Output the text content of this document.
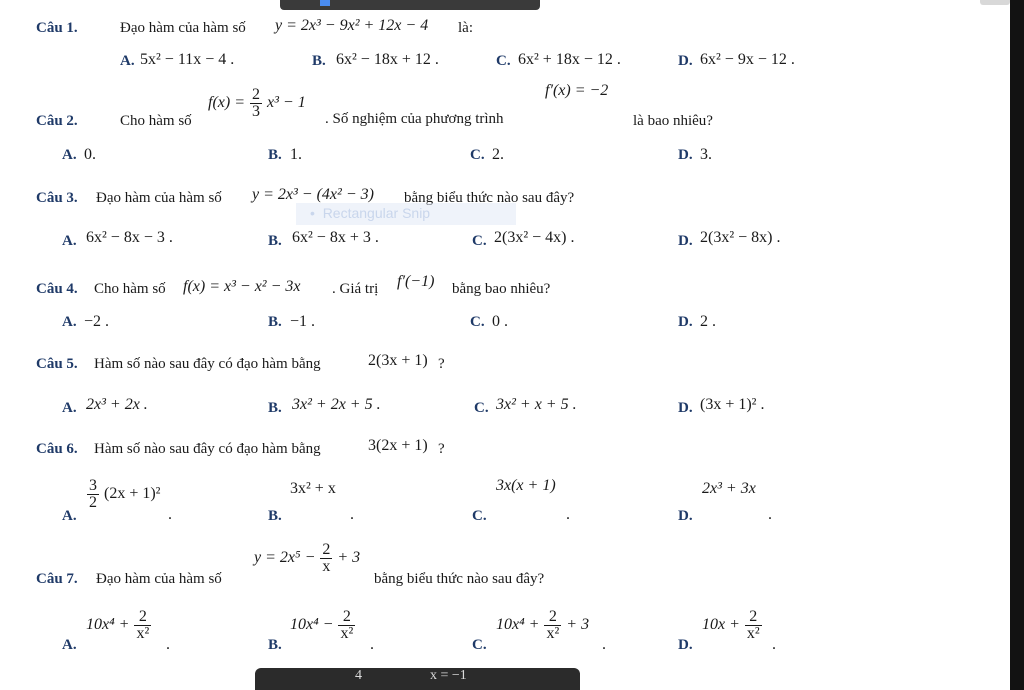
Câu 1.	Đạo hàm của hàm số y = 2x³ − 9x² + 12x − 4 là:
A. 5x² − 11x − 4 .	B. 6x² − 18x + 12 .	C. 6x² + 18x − 12 .	D. 6x² − 9x − 12 .
Câu 2.	Cho hàm số
$f(x) = \frac{2}{3} x^3 - 1$
. Số nghiệm của phương trình
f′(x) = −2
là bao nhiêu?
A. 0.	B. 1.	C. 2.	D. 3.
Câu 3. Đạo hàm của hàm số y = 2x³ − (4x² − 3) bằng biểu thức nào sau đây?
•  Rectangular Snip
A. 6x² − 8x − 3 .	B. 6x² − 8x + 3 .	C. 2(3x² − 4x) .	D. 2(3x² − 8x) .
Câu 4. Cho hàm số f(x) = x³ − x² − 3x . Giá trị f′(−1) bằng bao nhiêu?
A. −2 .	B. −1 .	C. 0 .	D. 2 .
Câu 5. Hàm số nào sau đây có đạo hàm bằng	2(3x + 1) ?
A. 2x³ + 2x .	B. 3x² + 2x + 5 .	C. 3x² + x + 5 .	D. (3x + 1)² .
Câu 6. Hàm số nào sau đây có đạo hàm bằng	3(2x + 1) ?
A.
$\frac{3}{2} (2x + 1)^2$
.	B.
3x² + x
.	C.
3x(x + 1)
.	D.
2x³ + 3x
.
Câu 7. Đạo hàm của hàm số
$y = 2x^5 - \frac{2}{x} + 3$
bằng biểu thức nào sau đây?
A.
$10x^4 + \frac{2}{\text{x²}}$
.	B.
$10x^4 - \frac{2}{\text{x²}}$
.	C.
$10x^4 + \frac{2}{\text{x²}} + 3$
.	D.
$10x + \frac{2}{\text{x²}}$
.
4	x = −1
